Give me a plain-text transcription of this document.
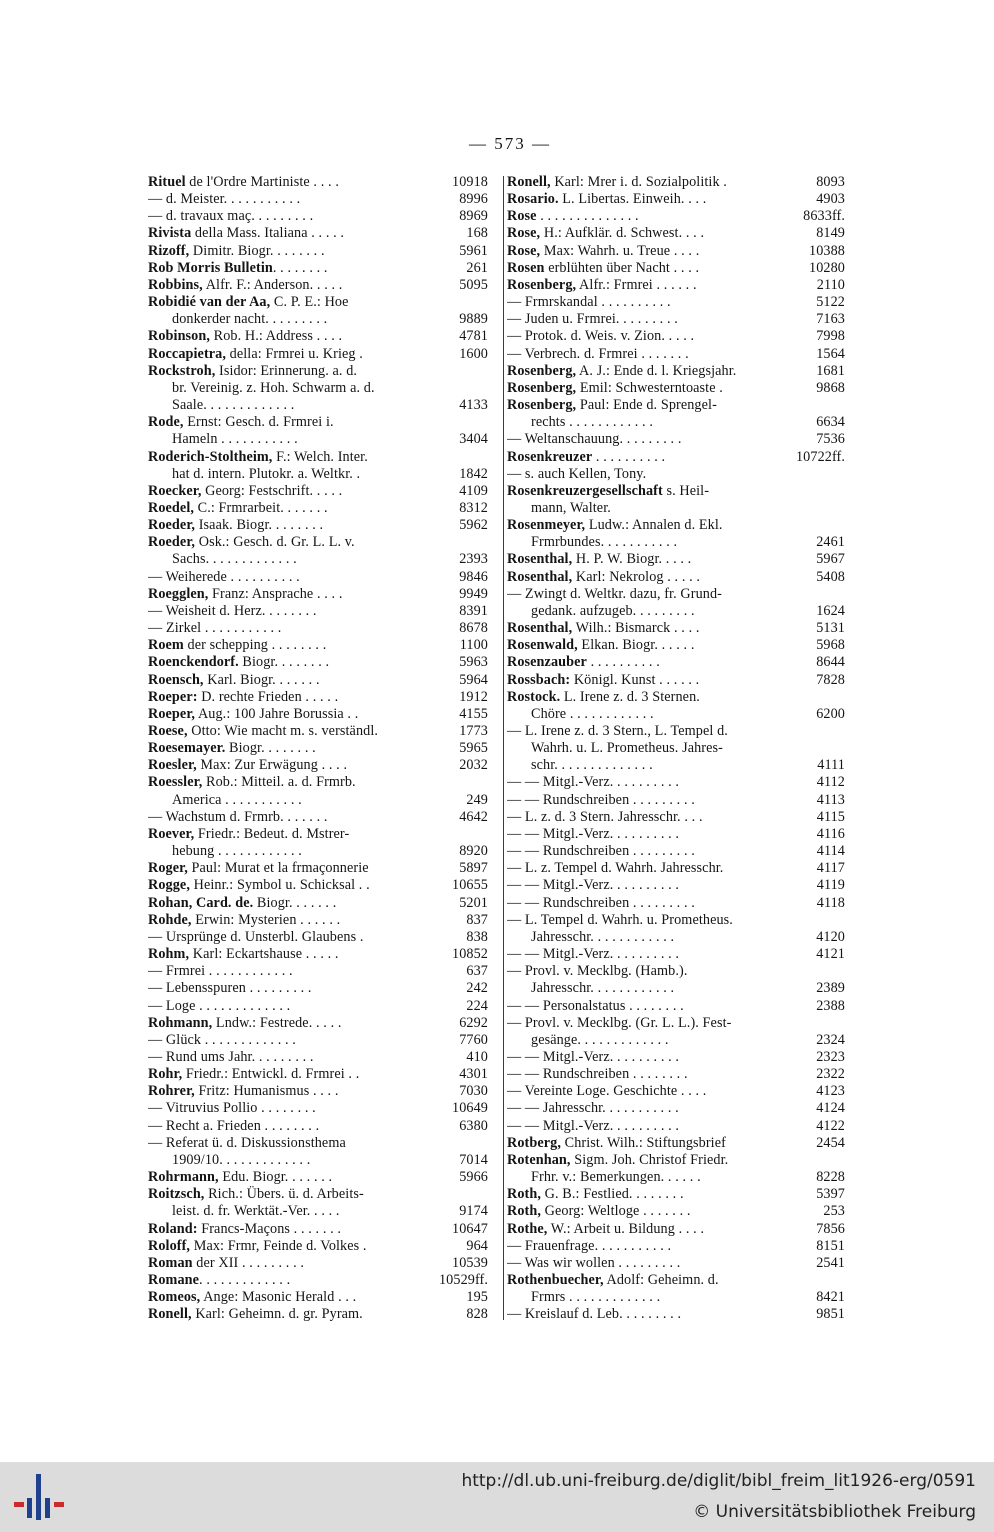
— 573 —
Rituel de l'Ordre Martiniste . . . .	10918
— d. Meister. . . . . . . . . . .	8996
— d. travaux maç. . . . . . . . .	8969
Rivista della Mass. Italiana . . . . .	168
Rizoff, Dimitr. Biogr. . . . . . . .	5961
Rob Morris Bulletin. . . . . . . .	261
Robbins, Alfr. F.: Anderson. . . . .	5095
Robidié van der Aa, C. P. E.: Hoe
donkerder nacht. . . . . . . . .	9889
Robinson, Rob. H.: Address . . . .	4781
Roccapietra, della: Frmrei u. Krieg .	1600
Rockstroh, Isidor: Erinnerung. a. d.
br. Vereinig. z. Hoh. Schwarm a. d.
Saale. . . . . . . . . . . . .	4133
Rode, Ernst: Gesch. d. Frmrei i.
Hameln . . . . . . . . . . .	3404
Roderich-Stoltheim, F.: Welch. Inter.
hat d. intern. Plutokr. a. Weltkr. .	1842
Roecker, Georg: Festschrift. . . . .	4109
Roedel, C.: Frmrarbeit. . . . . . .	8312
Roeder, Isaak. Biogr. . . . . . . .	5962
Roeder, Osk.: Gesch. d. Gr. L. L. v.
Sachs. . . . . . . . . . . . .	2393
— Weiherede . . . . . . . . . .	9846
Roegglen, Franz: Ansprache . . . .	9949
— Weisheit d. Herz. . . . . . . .	8391
— Zirkel . . . . . . . . . . .	8678
Roem der schepping . . . . . . . .	1100
Roenckendorf. Biogr. . . . . . . .	5963
Roensch, Karl. Biogr. . . . . . .	5964
Roeper: D. rechte Frieden . . . . .	1912
Roeper, Aug.: 100 Jahre Borussia . .	4155
Roese, Otto: Wie macht m. s. verständl.	1773
Roesemayer. Biogr. . . . . . . .	5965
Roesler, Max: Zur Erwägung . . . .	2032
Roessler, Rob.: Mitteil. a. d. Frmrb.
America . . . . . . . . . . .	249
— Wachstum d. Frmrb. . . . . . .	4642
Roever, Friedr.: Bedeut. d. Mstrer-
hebung . . . . . . . . . . . .	8920
Roger, Paul: Murat et la frmaçonnerie	5897
Rogge, Heinr.: Symbol u. Schicksal . .	10655
Rohan, Card. de. Biogr. . . . . . .	5201
Rohde, Erwin: Mysterien . . . . . .	837
— Ursprünge d. Unsterbl. Glaubens .	838
Rohm, Karl: Eckartshause . . . . .	10852
— Frmrei . . . . . . . . . . . .	637
— Lebensspuren . . . . . . . . .	242
— Loge . . . . . . . . . . . . .	224
Rohmann, Lndw.: Festrede. . . . .	6292
— Glück . . . . . . . . . . . . .	7760
— Rund ums Jahr. . . . . . . . .	410
Rohr, Friedr.: Entwickl. d. Frmrei . .	4301
Rohrer, Fritz: Humanismus . . . .	7030
— Vitruvius Pollio . . . . . . . .	10649
— Recht a. Frieden . . . . . . . .	6380
— Referat ü. d. Diskussionsthema
1909/10. . . . . . . . . . . . .	7014
Rohrmann, Edu. Biogr. . . . . . .	5966
Roitzsch, Rich.: Übers. ü. d. Arbeits-
leist. d. fr. Werktät.-Ver. . . . .	9174
Roland: Francs-Maçons . . . . . . .	10647
Roloff, Max: Frmr, Feinde d. Volkes .	964
Roman der XII . . . . . . . . .	10539
Romane. . . . . . . . . . . . .	10529ff.
Romeos, Ange: Masonic Herald . . .	195
Ronell, Karl: Geheimn. d. gr. Pyram.	828
Ronell, Karl: Mrer i. d. Sozialpolitik .	8093
Rosario. L. Libertas. Einweih. . . .	4903
Rose . . . . . . . . . . . . . .	8633ff.
Rose, H.: Aufklär. d. Schwest. . . .	8149
Rose, Max: Wahrh. u. Treue . . . .	10388
Rosen erblühten über Nacht . . . .	10280
Rosenberg, Alfr.: Frmrei . . . . . .	2110
— Frmrskandal . . . . . . . . . .	5122
— Juden u. Frmrei. . . . . . . . .	7163
— Protok. d. Weis. v. Zion. . . . .	7998
— Verbrech. d. Frmrei . . . . . . .	1564
Rosenberg, A. J.: Ende d. l. Kriegsjahr.	1681
Rosenberg, Emil: Schwesterntoaste .	9868
Rosenberg, Paul: Ende d. Sprengel-
rechts . . . . . . . . . . . .	6634
— Weltanschauung. . . . . . . . .	7536
Rosenkreuzer . . . . . . . . . .	10722ff.
— s. auch Kellen, Tony.
Rosenkreuzergesellschaft s. Heil-
mann, Walter.
Rosenmeyer, Ludw.: Annalen d. Ekl.
Frmrbundes. . . . . . . . . . .	2461
Rosenthal, H. P. W. Biogr. . . . .	5967
Rosenthal, Karl: Nekrolog . . . . .	5408
— Zwingt d. Weltkr. dazu, fr. Grund-
gedank. aufzugeb. . . . . . . . .	1624
Rosenthal, Wilh.: Bismarck . . . .	5131
Rosenwald, Elkan. Biogr. . . . . .	5968
Rosenzauber . . . . . . . . . .	8644
Rossbach: Königl. Kunst . . . . . .	7828
Rostock. L. Irene z. d. 3 Sternen.
Chöre . . . . . . . . . . . .	6200
— L. Irene z. d. 3 Stern., L. Tempel d.
Wahrh. u. L. Prometheus. Jahres-
schr. . . . . . . . . . . . . .	4111
— — Mitgl.-Verz. . . . . . . . . .	4112
— — Rundschreiben . . . . . . . . .	4113
— L. z. d. 3 Stern. Jahresschr. . . .	4115
— — Mitgl.-Verz. . . . . . . . . .	4116
— — Rundschreiben . . . . . . . . .	4114
— L. z. Tempel d. Wahrh. Jahresschr.	4117
— — Mitgl.-Verz. . . . . . . . . .	4119
— — Rundschreiben . . . . . . . . .	4118
— L. Tempel d. Wahrh. u. Prometheus.
Jahresschr. . . . . . . . . . . .	4120
— — Mitgl.-Verz. . . . . . . . . .	4121
— Provl. v. Mecklbg. (Hamb.).
Jahresschr. . . . . . . . . . . .	2389
— — Personalstatus . . . . . . . .	2388
— Provl. v. Mecklbg. (Gr. L. L.). Fest-
gesänge. . . . . . . . . . . . .	2324
— — Mitgl.-Verz. . . . . . . . . .	2323
— — Rundschreiben . . . . . . . .	2322
— Vereinte Loge. Geschichte . . . .	4123
— — Jahresschr. . . . . . . . . . .	4124
— — Mitgl.-Verz. . . . . . . . . .	4122
Rotberg, Christ. Wilh.: Stiftungsbrief	2454
Rotenhan, Sigm. Joh. Christof Friedr.
Frhr. v.: Bemerkungen. . . . . .	8228
Roth, G. B.: Festlied. . . . . . . .	5397
Roth, Georg: Weltloge . . . . . . .	253
Rothe, W.: Arbeit u. Bildung . . . .	7856
— Frauenfrage. . . . . . . . . . .	8151
— Was wir wollen . . . . . . . . .	2541
Rothenbuecher, Adolf: Geheimn. d.
Frmrs . . . . . . . . . . . . .	8421
— Kreislauf d. Leb. . . . . . . . .	9851
http://dl.ub.uni-freiburg.de/diglit/bibl_freim_lit1926-erg/0591
© Universitätsbibliothek Freiburg
